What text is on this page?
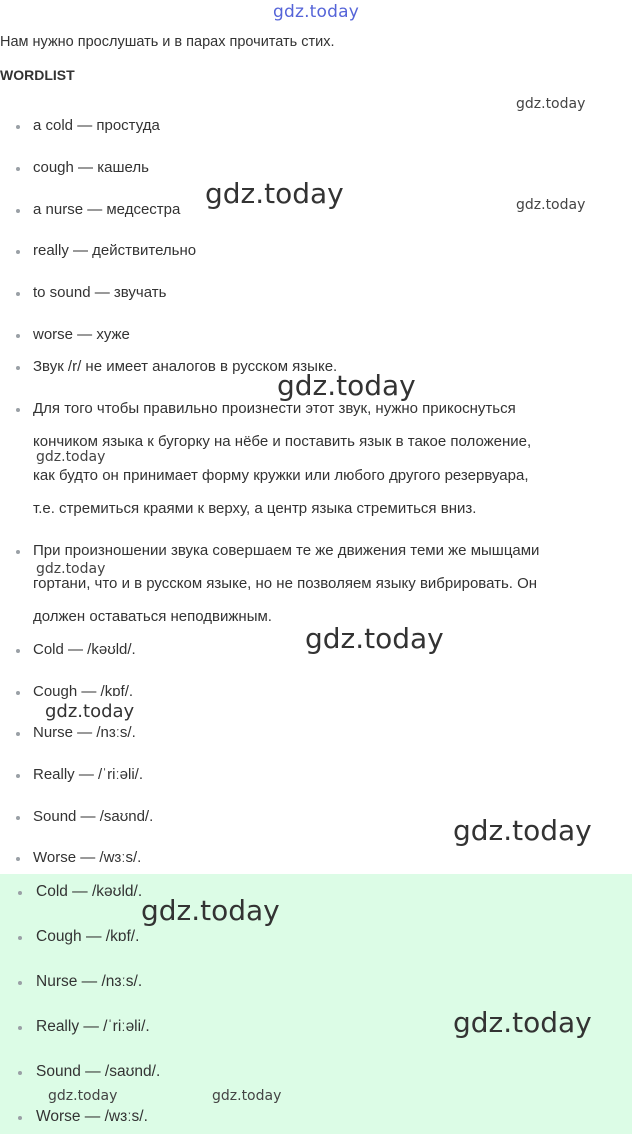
gdz.today
Нам нужно прослушать и в парах прочитать стих.
WORDLIST
a cold — простуда
cough — кашель
a nurse — медсестра
really — действительно
to sound — звучать
worse — хуже
Звук /r/ не имеет аналогов в русском языке.
Для того чтобы правильно произнести этот звук, нужно прикоснуться
кончиком языка к бугорку на нёбе и поставить язык в такое положение,
как будто он принимает форму кружки или любого другого резервуара,
т.е. стремиться краями к верху, а центр языка стремиться вниз.
При произношении звука совершаем те же движения теми же мышцами
гортани, что и в русском языке, но не позволяем языку вибрировать. Он
должен оставаться неподвижным.
Cold — /kəʊld/.
Cough — /kɒf/.
Nurse — /nɜːs/.
Really — /ˈriːəli/.
Sound — /saʊnd/.
Worse — /wɜːs/.
Cold — /kəʊld/.
Cough — /kɒf/.
Nurse — /nɜːs/.
Really — /ˈriːəli/.
Sound — /saʊnd/.
Worse — /wɜːs/.
gdz.today
gdz.today
gdz.today
gdz.today
gdz.today
gdz.today
gdz.today
gdz.today
gdz.today
gdz.today
gdz.today
gdz.today	gdz.today
